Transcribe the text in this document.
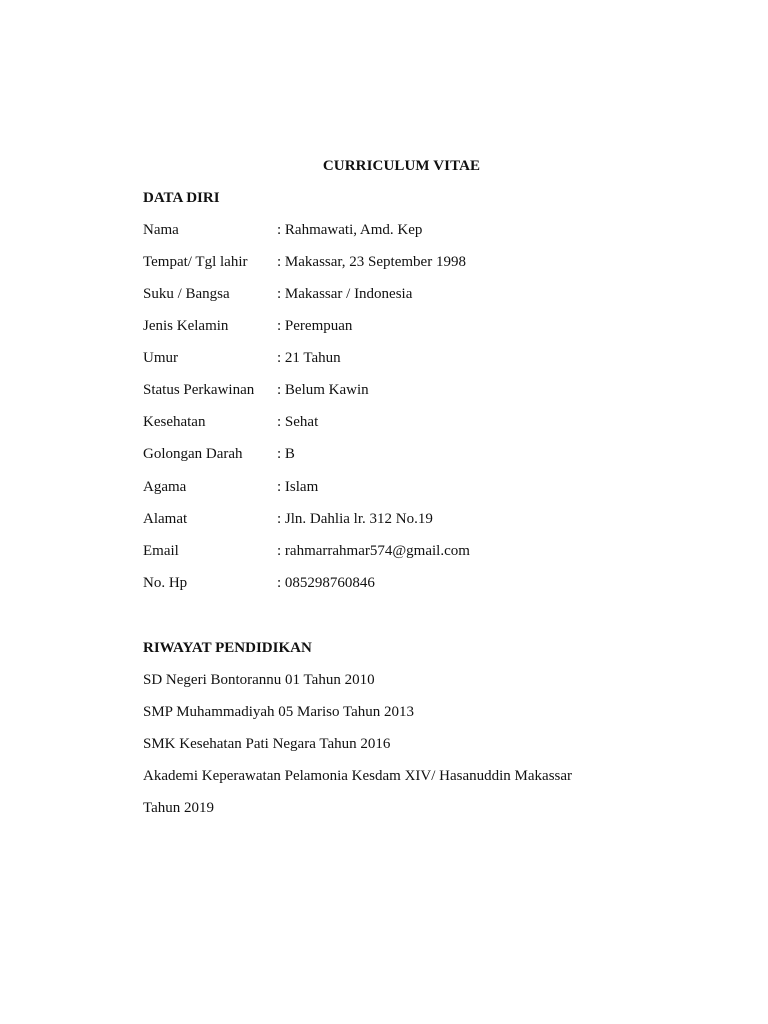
CURRICULUM VITAE
DATA DIRI
Nama	: Rahmawati, Amd. Kep
Tempat/ Tgl lahir : Makassar, 23 September 1998
Suku / Bangsa	: Makassar / Indonesia
Jenis Kelamin	: Perempuan
Umur	: 21 Tahun
Status Perkawinan : Belum Kawin
Kesehatan	: Sehat
Golongan Darah : B
Agama	: Islam
Alamat	: Jln. Dahlia lr. 312 No.19
Email	: rahmarrahmar574@gmail.com
No. Hp	: 085298760846
RIWAYAT PENDIDIKAN
SD Negeri Bontorannu 01 Tahun 2010
SMP Muhammadiyah 05 Mariso Tahun 2013
SMK Kesehatan Pati Negara Tahun 2016
Akademi Keperawatan Pelamonia Kesdam XIV/ Hasanuddin Makassar
Tahun 2019
